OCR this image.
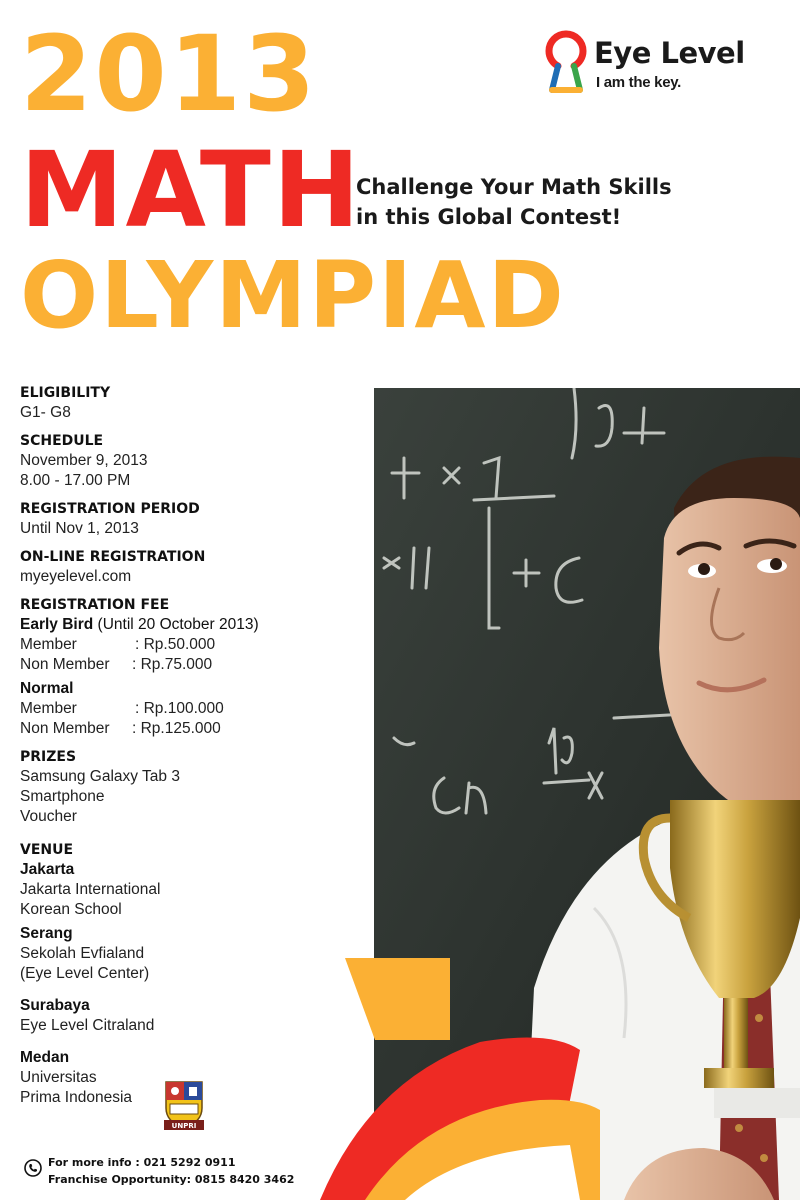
2013
MATH
OLYMPIAD
Challenge Your Math Skills
in this Global Contest!
Eye Level
I am the key.
ELIGIBILITY
G1- G8
SCHEDULE
November 9, 2013
8.00 - 17.00 PM
REGISTRATION PERIOD
Until Nov 1, 2013
ON-LINE REGISTRATION
myeyelevel.com
REGISTRATION FEE
Early Bird (Until 20 October 2013)
Member	: Rp.50.000
Non Member	: Rp.75.000
Normal
Member	: Rp.100.000
Non Member	: Rp.125.000
PRIZES
Samsung Galaxy Tab 3
Smartphone
Voucher
VENUE
Jakarta
Jakarta International
Korean School
Serang
Sekolah Evfialand
(Eye Level Center)
Surabaya
Eye Level Citraland
Medan
Universitas
Prima Indonesia
UNPRI
For more info : 021 5292 0911
Franchise Opportunity: 0815 8420 3462
